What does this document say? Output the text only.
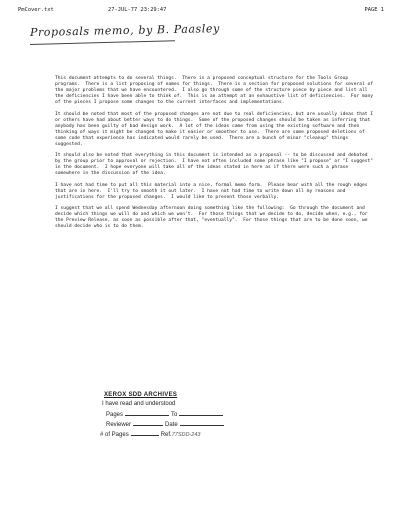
PmCover.txt	27-JUL-77 23:29:47	PAGE 1
Proposals memo, by B. Paasley

This document attempts to do several things.  There is a proposed conceptual structure for the Tools Group programs.  There is a list proposing of names for things.  There is a section for proposed solutions for several of the major problems that we have encountered.  I also go through some of the structure piece by piece and list all the deficiencies I have been able to think of.  This is an attempt at an exhaustive list of deficiencies.  For many of the pieces I propose some changes to the current interfaces and implementations.

It should be noted that most of the proposed changes are not due to real deficiencies, but are usually ideas that I or others have had about better ways to do things.  Some of the proposed changes should be taken as inferring that anybody has been guilty of bad design work.  A lot of the ideas came from using the existing software and then thinking of ways it might be changed to make it easier or smoother to use.  There are some proposed deletions of some code that experience has indicated would rarely be used.  There are a bunch of minor "cleanup" things suggested.

It should also be noted that everything in this document is intended as a proposal -- to be discussed and debated by the group prior to approval or rejection.  I have not often included some phrase like "I propose" or "I suggest" in the document.  I hope everyone will take all of the ideas stated in here as if there were such a phrase somewhere in the discussion of the idea.

I have not had time to put all this material into a nice, formal memo form.  Please bear with all the rough edges that are in here.  I'll try to smooth it out later.  I have not had time to write down all my reasons and justifications for the proposed changes.  I would like to present those verbally.

I suggest that we all spend Wednesday afternoon doing something like the following:  Go through the document and decide which things we will do and which we won't.  For those things that we decide to do, decide when, e.g., for the Preview Release, as soon as possible after that, "eventually".  For those things that are to be done soon, we should decide who is to do them.

XEROX SDD ARCHIVES
I have read and understood
Pages	To
Reviewer	Date
# of Pages	Ref. 77SDD-243
